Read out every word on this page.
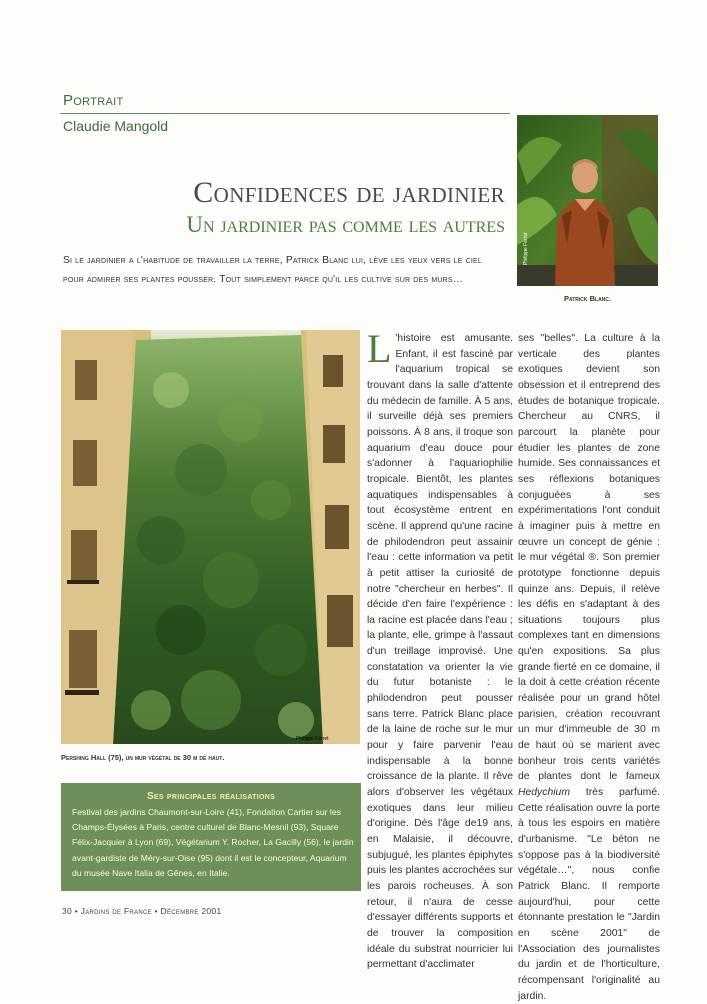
Portrait
Claudie Mangold
Confidences de jardinier
Un jardinier pas comme les autres
Si le jardinier a l'habitude de travailler la terre, Patrick Blanc lui, lève les yeux vers le ciel pour admirer ses plantes pousser. Tout simplement parce qu'il les cultive sur des murs…
Philippe Ferret
Patrick Blanc.
Philippe Ferret
Pershing Hall (75), un mur végétal de 30 m de haut.
Ses principales réalisations
Festival des jardins Chaumont-sur-Loire (41), Fondation Cartier sur les Champs-Élysées à Paris, centre culturel de Blanc-Mesnil (93), Square Félix-Jacquier à Lyon (69), Végétarium Y. Rocher, La Gacilly (56), le jardin avant-gardiste de Méry-sur-Oise (95) dont il est le concepteur, Aquarium du musée Nave Italia de Gênes, en Italie.
L 'histoire est amusante. Enfant, il est fasciné par l'aquarium tropical se trouvant dans la salle d'attente du médecin de famille. À 5 ans, il surveille déjà ses premiers poissons. À 8 ans, il troque son aquarium d'eau douce pour s'adonner à l'aquariophilie tropicale. Bientôt, les plantes aquatiques indispensables à tout écosystème entrent en scène. Il apprend qu'une racine de philodendron peut assainir l'eau : cette information va petit à petit attiser la curiosité de notre "chercheur en herbes". Il décide d'en faire l'expérience : la racine est placée dans l'eau ; la plante, elle, grimpe à l'assaut d'un treillage improvisé. Une constatation va orienter la vie du futur botaniste : le philodendron peut pousser sans terre. Patrick Blanc place de la laine de roche sur le mur pour y faire parvenir l'eau indispensable à la bonne croissance de la plante. Il rêve alors d'observer les végétaux exotiques dans leur milieu d'origine. Dès l'âge de19 ans, en Malaisie, il découvre, subjugué, les plantes épiphytes puis les plantes accrochées sur les parois rocheuses. À son retour, il n'aura de cesse d'essayer différents supports et de trouver la composition idéale du substrat nourricier lui permettant d'acclimater
ses "belles". La culture à la verticale des plantes exotiques devient son obsession et il entreprend des études de botanique tropicale. Chercheur au CNRS, il parcourt la planète pour étudier les plantes de zone humide. Ses connaissances et ses réflexions botaniques conjuguées à ses expérimentations l'ont conduit à imaginer puis à mettre en œuvre un concept de génie : le mur végétal ®. Son premier prototype fonctionne depuis quinze ans. Depuis, il relève les défis en s'adaptant à des situations toujours plus complexes tant en dimensions qu'en expositions. Sa plus grande fierté en ce domaine, il la doit à cette création récente réalisée pour un grand hôtel parisien, création recouvrant un mur d'immeuble de 30 m de haut où se marient avec bonheur trois cents variétés de plantes dont le fameux Hedychium très parfumé. Cette réalisation ouvre la porte à tous les espoirs en matière d'urbanisme. "Le béton ne s'oppose pas à la biodiversité végétale…", nous confie Patrick Blanc. Il remporte aujourd'hui, pour cette étonnante prestation le "Jardin en scène 2001" de l'Association des journalistes du jardin et de l'horticulture, récompensant l'originalité au jardin.
30 • Jardins de France • Décembre 2001
